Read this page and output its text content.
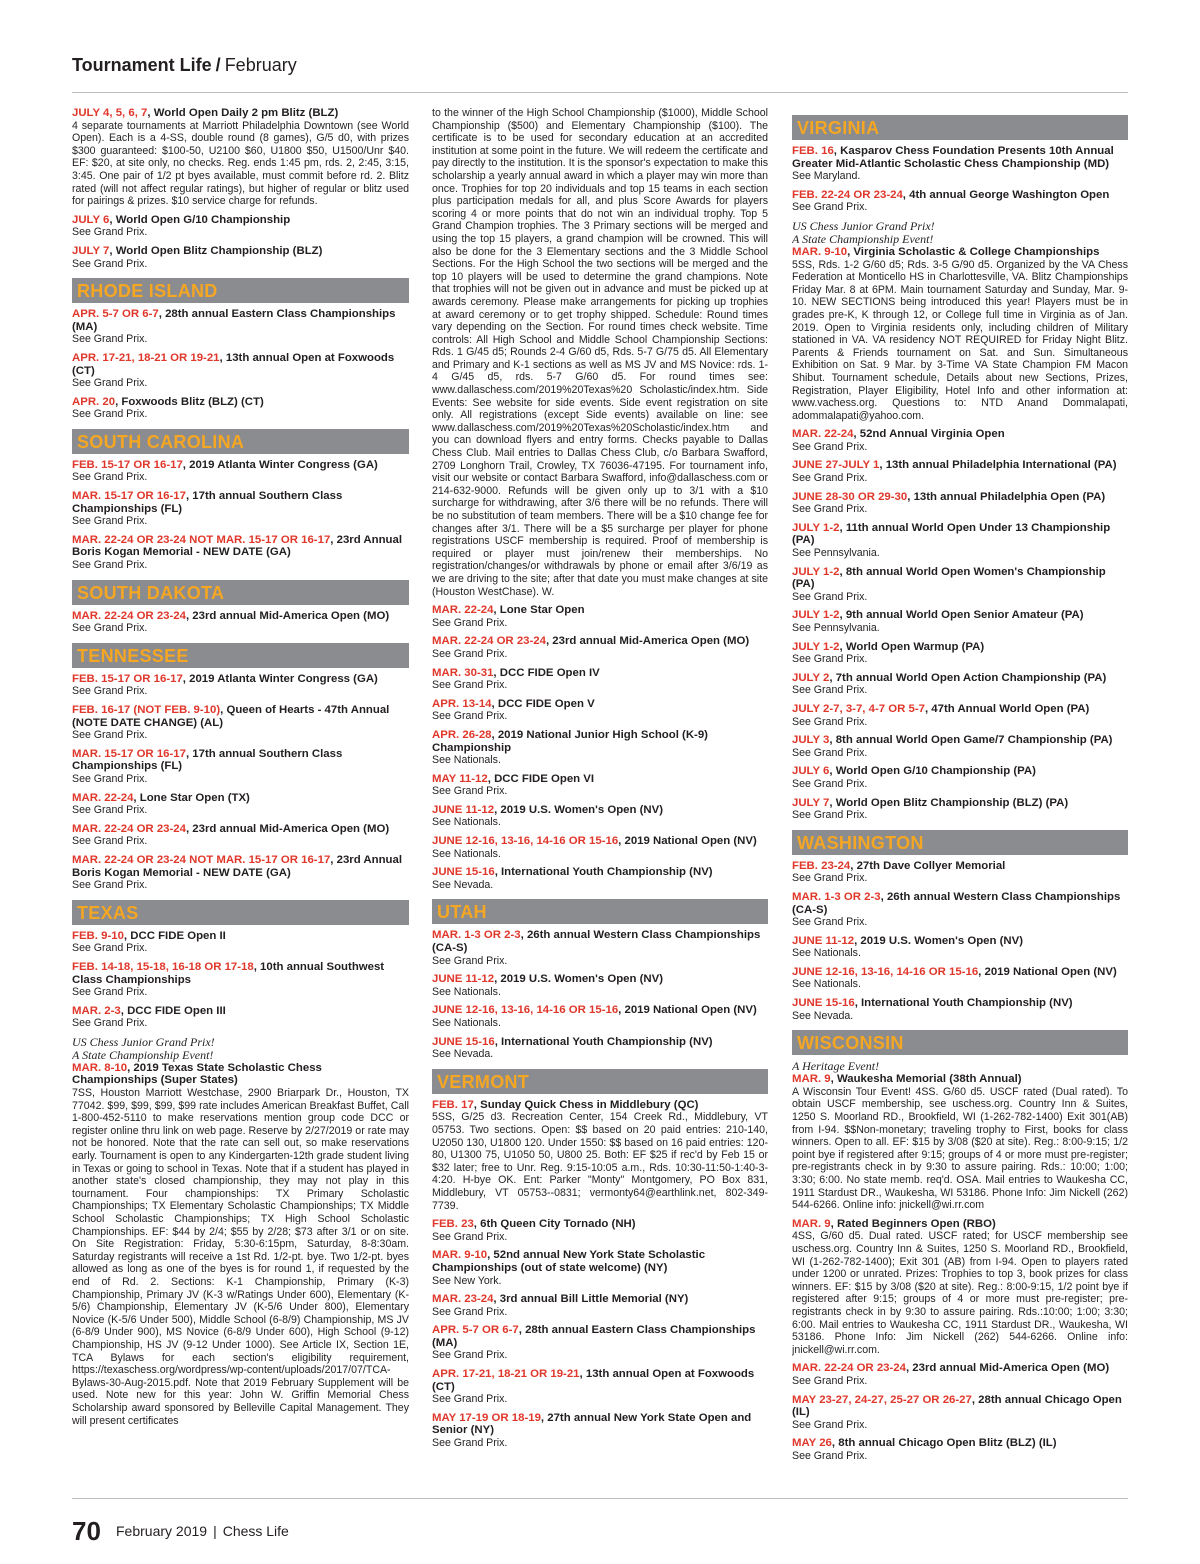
Tournament Life / February
JULY 4, 5, 6, 7, World Open Daily 2 pm Blitz (BLZ)
4 separate tournaments at Marriott Philadelphia Downtown (see World Open). Each is a 4-SS, double round (8 games), G/5 d0, with prizes $300 guaranteed: $100-50, U2100 $60, U1800 $50, U1500/Unr $40. EF: $20, at site only, no checks. Reg. ends 1:45 pm, rds. 2, 2:45, 3:15, 3:45. One pair of 1/2 pt byes available, must commit before rd. 2. Blitz rated (will not affect regular ratings), but higher of regular or blitz used for pairings & prizes. $10 service charge for refunds.
JULY 6, World Open G/10 Championship
See Grand Prix.
JULY 7, World Open Blitz Championship (BLZ)
See Grand Prix.
RHODE ISLAND
APR. 5-7 OR 6-7, 28th annual Eastern Class Championships (MA)
See Grand Prix.
APR. 17-21, 18-21 OR 19-21, 13th annual Open at Foxwoods (CT)
See Grand Prix.
APR. 20, Foxwoods Blitz (BLZ) (CT)
See Grand Prix.
SOUTH CAROLINA
FEB. 15-17 OR 16-17, 2019 Atlanta Winter Congress (GA)
See Grand Prix.
MAR. 15-17 OR 16-17, 17th annual Southern Class Championships (FL)
See Grand Prix.
MAR. 22-24 OR 23-24 NOT MAR. 15-17 OR 16-17, 23rd Annual Boris Kogan Memorial - NEW DATE (GA)
See Grand Prix.
SOUTH DAKOTA
MAR. 22-24 OR 23-24, 23rd annual Mid-America Open (MO)
See Grand Prix.
TENNESSEE
FEB. 15-17 OR 16-17, 2019 Atlanta Winter Congress (GA)
See Grand Prix.
FEB. 16-17 (NOT FEB. 9-10), Queen of Hearts - 47th Annual (NOTE DATE CHANGE) (AL)
See Grand Prix.
MAR. 15-17 OR 16-17, 17th annual Southern Class Championships (FL)
See Grand Prix.
MAR. 22-24, Lone Star Open (TX)
See Grand Prix.
MAR. 22-24 OR 23-24, 23rd annual Mid-America Open (MO)
See Grand Prix.
MAR. 22-24 OR 23-24 NOT MAR. 15-17 OR 16-17, 23rd Annual Boris Kogan Memorial - NEW DATE (GA)
See Grand Prix.
TEXAS
FEB. 9-10, DCC FIDE Open II
See Grand Prix.
FEB. 14-18, 15-18, 16-18 OR 17-18, 10th annual Southwest Class Championships
See Grand Prix.
MAR. 2-3, DCC FIDE Open III
See Grand Prix.
US Chess Junior Grand Prix!
A State Championship Event!
MAR. 8-10, 2019 Texas State Scholastic Chess Championships (Super States)
7SS, Houston Marriott Westchase, 2900 Briarpark Dr., Houston, TX 77042. $99, $99, $99, $99 rate includes American Breakfast Buffet, Call 1-800-452-5110 to make reservations mention group code DCC or register online thru link on web page. Reserve by 2/27/2019 or rate may not be honored. Note that the rate can sell out, so make reservations early. Tournament is open to any Kindergarten-12th grade student living in Texas or going to school in Texas. Note that if a student has played in another state's closed championship, they may not play in this tournament. Four championships: TX Primary Scholastic Championships; TX Elementary Scholastic Championships; TX Middle School Scholastic Championships; TX High School Scholastic Championships. EF: $44 by 2/4; $55 by 2/28; $73 after 3/1 or on site. On Site Registration: Friday, 5:30-6:15pm, Saturday, 8-8:30am. Saturday registrants will receive a 1st Rd. 1/2-pt. bye. Two 1/2-pt. byes allowed as long as one of the byes is for round 1, if requested by the end of Rd. 2. Sections: K-1 Championship, Primary (K-3) Championship, Primary JV (K-3 w/Ratings Under 600), Elementary (K-5/6) Championship, Elementary JV (K-5/6 Under 800), Elementary Novice (K-5/6 Under 500), Middle School (6-8/9) Championship, MS JV (6-8/9 Under 900), MS Novice (6-8/9 Under 600), High School (9-12) Championship, HS JV (9-12 Under 1000). See Article IX, Section 1E, TCA Bylaws for each section's eligibility requirement, https://texaschess.org/wordpress/wp-content/uploads/2017/07/TCA-Bylaws-30-Aug-2015.pdf. Note that 2019 February Supplement will be used. Note new for this year: John W. Griffin Memorial Chess Scholarship award sponsored by Belleville Capital Management. They will present certificates
to the winner of the High School Championship ($1000), Middle School Championship ($500) and Elementary Championship ($100). The certificate is to be used for secondary education at an accredited institution at some point in the future. We will redeem the certificate and pay directly to the institution. It is the sponsor's expectation to make this scholarship a yearly annual award in which a player may win more than once. Trophies for top 20 individuals and top 15 teams in each section plus participation medals for all, and plus Score Awards for players scoring 4 or more points that do not win an individual trophy. Top 5 Grand Champion trophies. The 3 Primary sections will be merged and using the top 15 players, a grand champion will be crowned. This will also be done for the 3 Elementary sections and the 3 Middle School Sections. For the High School the two sections will be merged and the top 10 players will be used to determine the grand champions. Note that trophies will not be given out in advance and must be picked up at awards ceremony. Please make arrangements for picking up trophies at award ceremony or to get trophy shipped. Schedule: Round times vary depending on the Section. For round times check website. Time controls: All High School and Middle School Championship Sections: Rds. 1 G/45 d5; Rounds 2-4 G/60 d5, Rds. 5-7 G/75 d5. All Elementary and Primary and K-1 sections as well as MS JV and MS Novice: rds. 1-4 G/45 d5, rds. 5-7 G/60 d5. For round times see: www.dallaschess.com/2019%20Texas%20 Scholastic/index.htm. Side Events: See website for side events. Side event registration on site only. All registrations (except Side events) available on line: see www.dallaschess.com/2019%20Texas%20Scholastic/index.htm and you can download flyers and entry forms. Checks payable to Dallas Chess Club. Mail entries to Dallas Chess Club, c/o Barbara Swafford, 2709 Longhorn Trail, Crowley, TX 76036-47195. For tournament info, visit our website or contact Barbara Swafford, info@dallaschess.com or 214-632-9000. Refunds will be given only up to 3/1 with a $10 surcharge for withdrawing, after 3/6 there will be no refunds. There will be no substitution of team members. There will be a $10 change fee for changes after 3/1. There will be a $5 surcharge per player for phone registrations USCF membership is required. Proof of membership is required or player must join/renew their memberships. No registration/changes/or withdrawals by phone or email after 3/6/19 as we are driving to the site; after that date you must make changes at site (Houston WestChase). W.
MAR. 22-24, Lone Star Open
See Grand Prix.
MAR. 22-24 OR 23-24, 23rd annual Mid-America Open (MO)
See Grand Prix.
MAR. 30-31, DCC FIDE Open IV
See Grand Prix.
APR. 13-14, DCC FIDE Open V
See Grand Prix.
APR. 26-28, 2019 National Junior High School (K-9) Championship
See Nationals.
MAY 11-12, DCC FIDE Open VI
See Grand Prix.
JUNE 11-12, 2019 U.S. Women's Open (NV)
See Nationals.
JUNE 12-16, 13-16, 14-16 OR 15-16, 2019 National Open (NV)
See Nationals.
JUNE 15-16, International Youth Championship (NV)
See Nevada.
UTAH
MAR. 1-3 OR 2-3, 26th annual Western Class Championships (CA-S)
See Grand Prix.
JUNE 11-12, 2019 U.S. Women's Open (NV)
See Nationals.
JUNE 12-16, 13-16, 14-16 OR 15-16, 2019 National Open (NV)
See Nationals.
JUNE 15-16, International Youth Championship (NV)
See Nevada.
VERMONT
FEB. 17, Sunday Quick Chess in Middlebury (QC)
5SS, G/25 d3. Recreation Center, 154 Creek Rd., Middlebury, VT 05753. Two sections. Open: $$ based on 20 paid entries: 210-140, U2050 130, U1800 120. Under 1550: $$ based on 16 paid entries: 120-80, U1300 75, U1050 50, U800 25. Both: EF $25 if rec'd by Feb 15 or $32 later; free to Unr. Reg. 9:15-10:05 a.m., Rds. 10:30-11:50-1:40-3-4:20. H-bye OK. Ent: Parker "Monty" Montgomery, PO Box 831, Middlebury, VT 05753--0831; vermonty64@earthlink.net, 802-349-7739.
FEB. 23, 6th Queen City Tornado (NH)
See Grand Prix.
MAR. 9-10, 52nd annual New York State Scholastic Championships (out of state welcome) (NY)
See New York.
MAR. 23-24, 3rd annual Bill Little Memorial (NY)
See Grand Prix.
APR. 5-7 OR 6-7, 28th annual Eastern Class Championships (MA)
See Grand Prix.
APR. 17-21, 18-21 OR 19-21, 13th annual Open at Foxwoods (CT)
See Grand Prix.
MAY 17-19 OR 18-19, 27th annual New York State Open and Senior (NY)
See Grand Prix.
VIRGINIA
FEB. 16, Kasparov Chess Foundation Presents 10th Annual Greater Mid-Atlantic Scholastic Chess Championship (MD)
See Maryland.
FEB. 22-24 OR 23-24, 4th annual George Washington Open
See Grand Prix.
US Chess Junior Grand Prix!
A State Championship Event!
MAR. 9-10, Virginia Scholastic & College Championships
5SS, Rds. 1-2 G/60 d5; Rds. 3-5 G/90 d5. Organized by the VA Chess Federation at Monticello HS in Charlottesville, VA. Blitz Championships Friday Mar. 8 at 6PM. Main tournament Saturday and Sunday, Mar. 9-10. NEW SECTIONS being introduced this year! Players must be in grades pre-K, K through 12, or College full time in Virginia as of Jan. 2019. Open to Virginia residents only, including children of Military stationed in VA. VA residency NOT REQUIRED for Friday Night Blitz. Parents & Friends tournament on Sat. and Sun. Simultaneous Exhibition on Sat. 9 Mar. by 3-Time VA State Champion FM Macon Shibut. Tournament schedule, Details about new Sections, Prizes, Registration, Player Eligibility, Hotel Info and other information at: www.vachess.org. Questions to: NTD Anand Dommalapati, adommalapati@yahoo.com.
MAR. 22-24, 52nd Annual Virginia Open
See Grand Prix.
JUNE 27-JULY 1, 13th annual Philadelphia International (PA)
See Grand Prix.
JUNE 28-30 OR 29-30, 13th annual Philadelphia Open (PA)
See Grand Prix.
JULY 1-2, 11th annual World Open Under 13 Championship (PA)
See Pennsylvania.
JULY 1-2, 8th annual World Open Women's Championship (PA)
See Grand Prix.
JULY 1-2, 9th annual World Open Senior Amateur (PA)
See Pennsylvania.
JULY 1-2, World Open Warmup (PA)
See Grand Prix.
JULY 2, 7th annual World Open Action Championship (PA)
See Grand Prix.
JULY 2-7, 3-7, 4-7 OR 5-7, 47th Annual World Open (PA)
See Grand Prix.
JULY 3, 8th annual World Open Game/7 Championship (PA)
See Grand Prix.
JULY 6, World Open G/10 Championship (PA)
See Grand Prix.
JULY 7, World Open Blitz Championship (BLZ) (PA)
See Grand Prix.
WASHINGTON
FEB. 23-24, 27th Dave Collyer Memorial
See Grand Prix.
MAR. 1-3 OR 2-3, 26th annual Western Class Championships (CA-S)
See Grand Prix.
JUNE 11-12, 2019 U.S. Women's Open (NV)
See Nationals.
JUNE 12-16, 13-16, 14-16 OR 15-16, 2019 National Open (NV)
See Nationals.
JUNE 15-16, International Youth Championship (NV)
See Nevada.
WISCONSIN
A Heritage Event!
MAR. 9, Waukesha Memorial (38th Annual)
A Wisconsin Tour Event! 4SS. G/60 d5. USCF rated (Dual rated). To obtain USCF membership, see uschess.org. Country Inn & Suites, 1250 S. Moorland RD., Brookfield, WI (1-262-782-1400) Exit 301(AB) from I-94. $$Non-monetary; traveling trophy to First, books for class winners. Open to all. EF: $15 by 3/08 ($20 at site). Reg.: 8:00-9:15; 1/2 point bye if registered after 9:15; groups of 4 or more must pre-register; pre-registrants check in by 9:30 to assure pairing. Rds.: 10:00; 1:00; 3:30; 6:00. No state memb. req'd. OSA. Mail entries to Waukesha CC, 1911 Stardust DR., Waukesha, WI 53186. Phone Info: Jim Nickell (262) 544-6266. Online info: jnickell@wi.rr.com
MAR. 9, Rated Beginners Open (RBO)
4SS, G/60 d5. Dual rated. USCF rated; for USCF membership see uschess.org. Country Inn & Suites, 1250 S. Moorland RD., Brookfield, WI (1-262-782-1400); Exit 301 (AB) from I-94. Open to players rated under 1200 or unrated. Prizes: Trophies to top 3, book prizes for class winners. EF: $15 by 3/08 ($20 at site). Reg.: 8:00-9:15, 1/2 point bye if registered after 9:15; groups of 4 or more must pre-register; pre-registrants check in by 9:30 to assure pairing. Rds.:10:00; 1:00; 3:30; 6:00. Mail entries to Waukesha CC, 1911 Stardust DR., Waukesha, WI 53186. Phone Info: Jim Nickell (262) 544-6266. Online info: jnickell@wi.rr.com.
MAR. 22-24 OR 23-24, 23rd annual Mid-America Open (MO)
See Grand Prix.
MAY 23-27, 24-27, 25-27 OR 26-27, 28th annual Chicago Open (IL)
See Grand Prix.
MAY 26, 8th annual Chicago Open Blitz (BLZ) (IL)
See Grand Prix.
70 February 2019 | Chess Life
